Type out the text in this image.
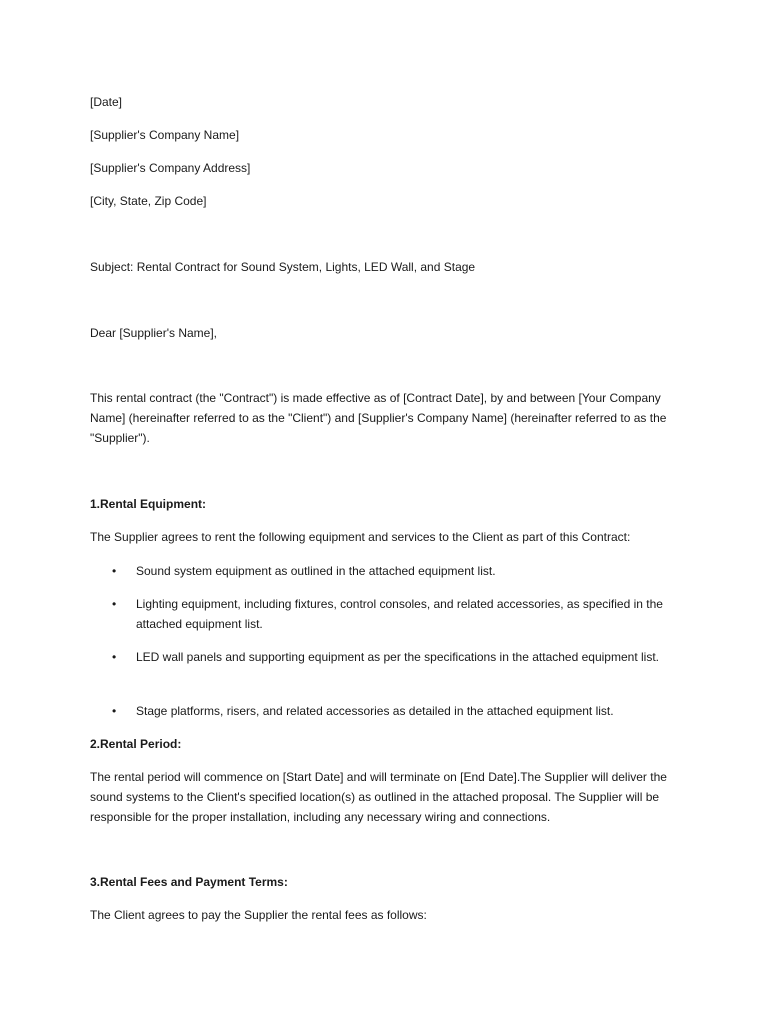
[Date]

[Supplier's Company Name]

[Supplier's Company Address]

[City, State, Zip Code]

Subject: Rental Contract for Sound System, Lights, LED Wall, and Stage

Dear [Supplier's Name],

This rental contract (the "Contract") is made effective as of [Contract Date], by and between [Your Company Name] (hereinafter referred to as the "Client") and [Supplier's Company Name] (hereinafter referred to as the "Supplier").

1.Rental Equipment:

The Supplier agrees to rent the following equipment and services to the Client as part of this Contract:

•	Sound system equipment as outlined in the attached equipment list.
•	Lighting equipment, including fixtures, control consoles, and related accessories, as specified in the attached equipment list.
•	LED wall panels and supporting equipment as per the specifications in the attached equipment list.
•	Stage platforms, risers, and related accessories as detailed in the attached equipment list.

2.Rental Period:

The rental period will commence on [Start Date] and will terminate on [End Date].The Supplier will deliver the sound systems to the Client's specified location(s) as outlined in the attached proposal. The Supplier will be responsible for the proper installation, including any necessary wiring and connections.

3.Rental Fees and Payment Terms:

The Client agrees to pay the Supplier the rental fees as follows:
